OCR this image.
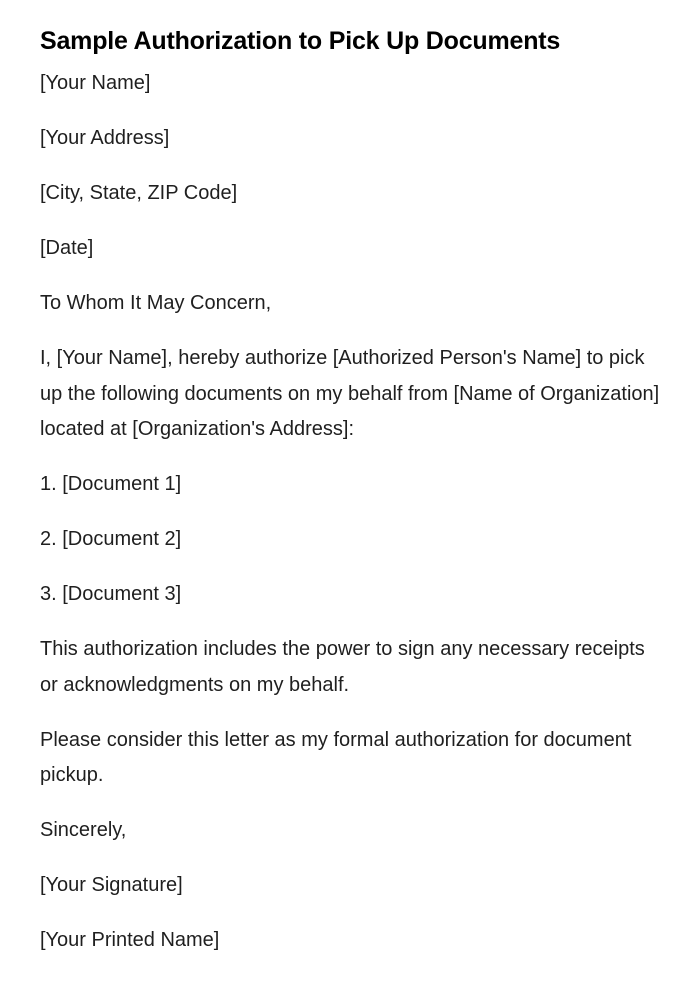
Sample Authorization to Pick Up Documents

[Your Name]

[Your Address]

[City, State, ZIP Code]

[Date]

To Whom It May Concern,

I, [Your Name], hereby authorize [Authorized Person's Name] to pick up the following documents on my behalf from [Name of Organization] located at [Organization's Address]:

1. [Document 1]

2. [Document 2]

3. [Document 3]

This authorization includes the power to sign any necessary receipts or acknowledgments on my behalf.

Please consider this letter as my formal authorization for document pickup.

Sincerely,

[Your Signature]

[Your Printed Name]
